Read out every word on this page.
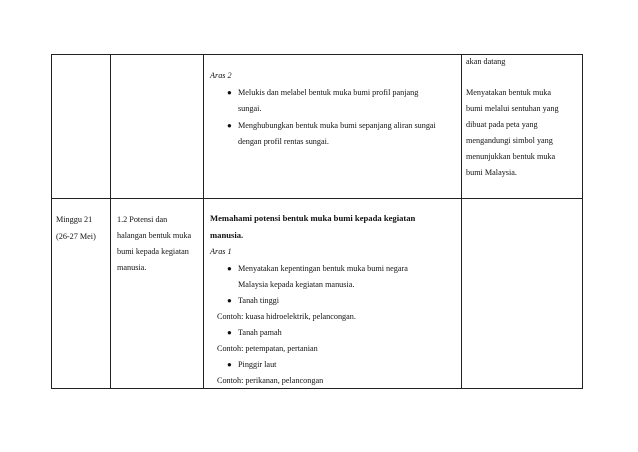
Aras 2
● Melukis dan melabel bentuk muka bumi profil panjang
sungai.
● Menghubungkan bentuk muka bumi sepanjang aliran sungai
dengan profil rentas sungai.
akan datang
Menyatakan bentuk muka
bumi melalui sentuhan yang
dibuat pada peta yang
mengandungi simbol yang
menunjukkan bentuk muka
bumi Malaysia.
Minggu 21
(26-27 Mei)
1.2 Potensi dan
halangan bentuk muka
bumi kepada kegiatan
manusia.
Memahami potensi bentuk muka bumi kepada kegiatan
manusia.
Aras 1
● Menyatakan kepentingan bentuk muka bumi negara
Malaysia kepada kegiatan manusia.
● Tanah tinggi
Contoh: kuasa hidroelektrik, pelancongan.
● Tanah pamah
Contoh: petempatan, pertanian
● Pinggir laut
Contoh: perikanan, pelancongan
